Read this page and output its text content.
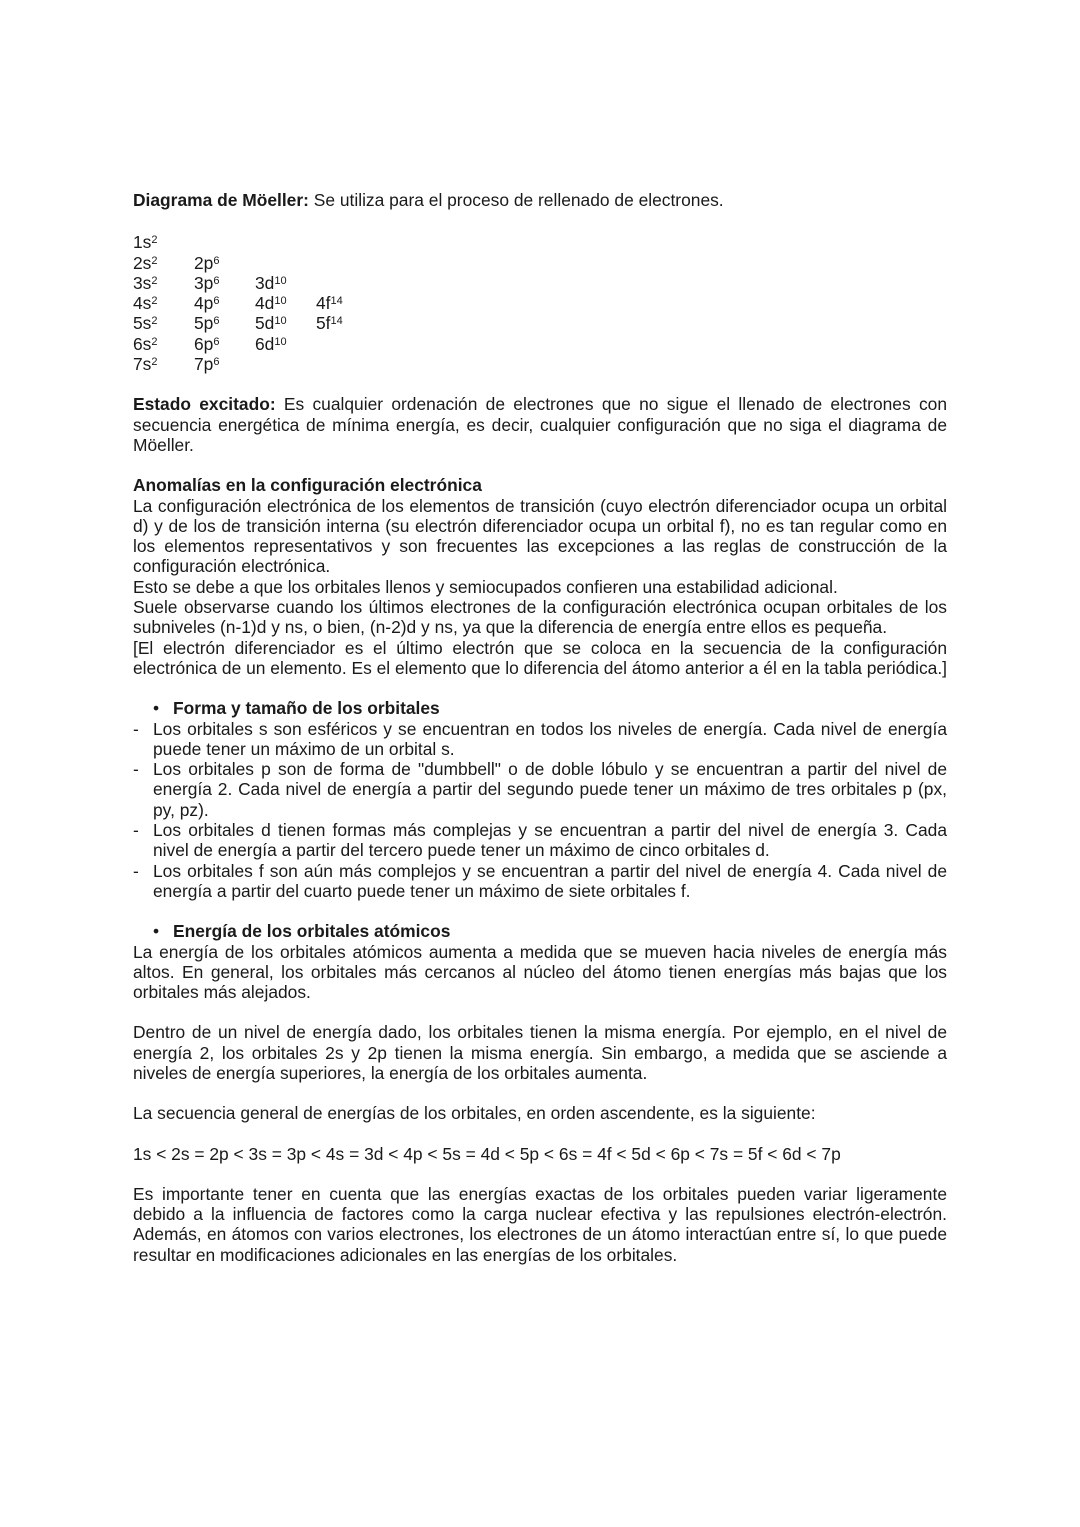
Diagrama de Möeller: Se utiliza para el proceso de rellenado de electrones.

$1s^2$
$2s^2$	$2p^6$
$3s^2$	$3p^6$	$3d^{10}$
$4s^2$	$4p^6$	$4d^{10}$	$4f^{14}$
$5s^2$	$5p^6$	$5d^{10}$	$5f^{14}$
$6s^2$	$6p^6$	$6d^{10}$
$7s^2$	$7p^6$

Estado excitado: Es cualquier ordenación de electrones que no sigue el llenado de electrones con secuencia energética de mínima energía, es decir, cualquier configuración que no siga el diagrama de Möeller.

Anomalías en la configuración electrónica

La configuración electrónica de los elementos de transición (cuyo electrón diferenciador ocupa un orbital d) y de los de transición interna (su electrón diferenciador ocupa un orbital f), no es tan regular como en los elementos representativos y son frecuentes las excepciones a las reglas de construcción de la configuración electrónica.

Esto se debe a que los orbitales llenos y semiocupados confieren una estabilidad adicional.

Suele observarse cuando los últimos electrones de la configuración electrónica ocupan orbitales de los subniveles (n-1)d y ns, o bien, (n-2)d y ns, ya que la diferencia de energía entre ellos es pequeña.

[El electrón diferenciador es el último electrón que se coloca en la secuencia de la configuración electrónica de un elemento. Es el elemento que lo diferencia del átomo anterior a él en la tabla periódica.]

• Forma y tamaño de los orbitales

- Los orbitales s son esféricos y se encuentran en todos los niveles de energía. Cada nivel de energía puede tener un máximo de un orbital s.
- Los orbitales p son de forma de "dumbbell" o de doble lóbulo y se encuentran a partir del nivel de energía 2. Cada nivel de energía a partir del segundo puede tener un máximo de tres orbitales p (px, py, pz).
- Los orbitales d tienen formas más complejas y se encuentran a partir del nivel de energía 3. Cada nivel de energía a partir del tercero puede tener un máximo de cinco orbitales d.
- Los orbitales f son aún más complejos y se encuentran a partir del nivel de energía 4. Cada nivel de energía a partir del cuarto puede tener un máximo de siete orbitales f.

• Energía de los orbitales atómicos

La energía de los orbitales atómicos aumenta a medida que se mueven hacia niveles de energía más altos. En general, los orbitales más cercanos al núcleo del átomo tienen energías más bajas que los orbitales más alejados.

Dentro de un nivel de energía dado, los orbitales tienen la misma energía. Por ejemplo, en el nivel de energía 2, los orbitales 2s y 2p tienen la misma energía. Sin embargo, a medida que se asciende a niveles de energía superiores, la energía de los orbitales aumenta.

La secuencia general de energías de los orbitales, en orden ascendente, es la siguiente:

1s < 2s = 2p < 3s = 3p < 4s = 3d < 4p < 5s = 4d < 5p < 6s = 4f < 5d < 6p < 7s = 5f < 6d < 7p

Es importante tener en cuenta que las energías exactas de los orbitales pueden variar ligeramente debido a la influencia de factores como la carga nuclear efectiva y las repulsiones electrón-electrón. Además, en átomos con varios electrones, los electrones de un átomo interactúan entre sí, lo que puede resultar en modificaciones adicionales en las energías de los orbitales.
